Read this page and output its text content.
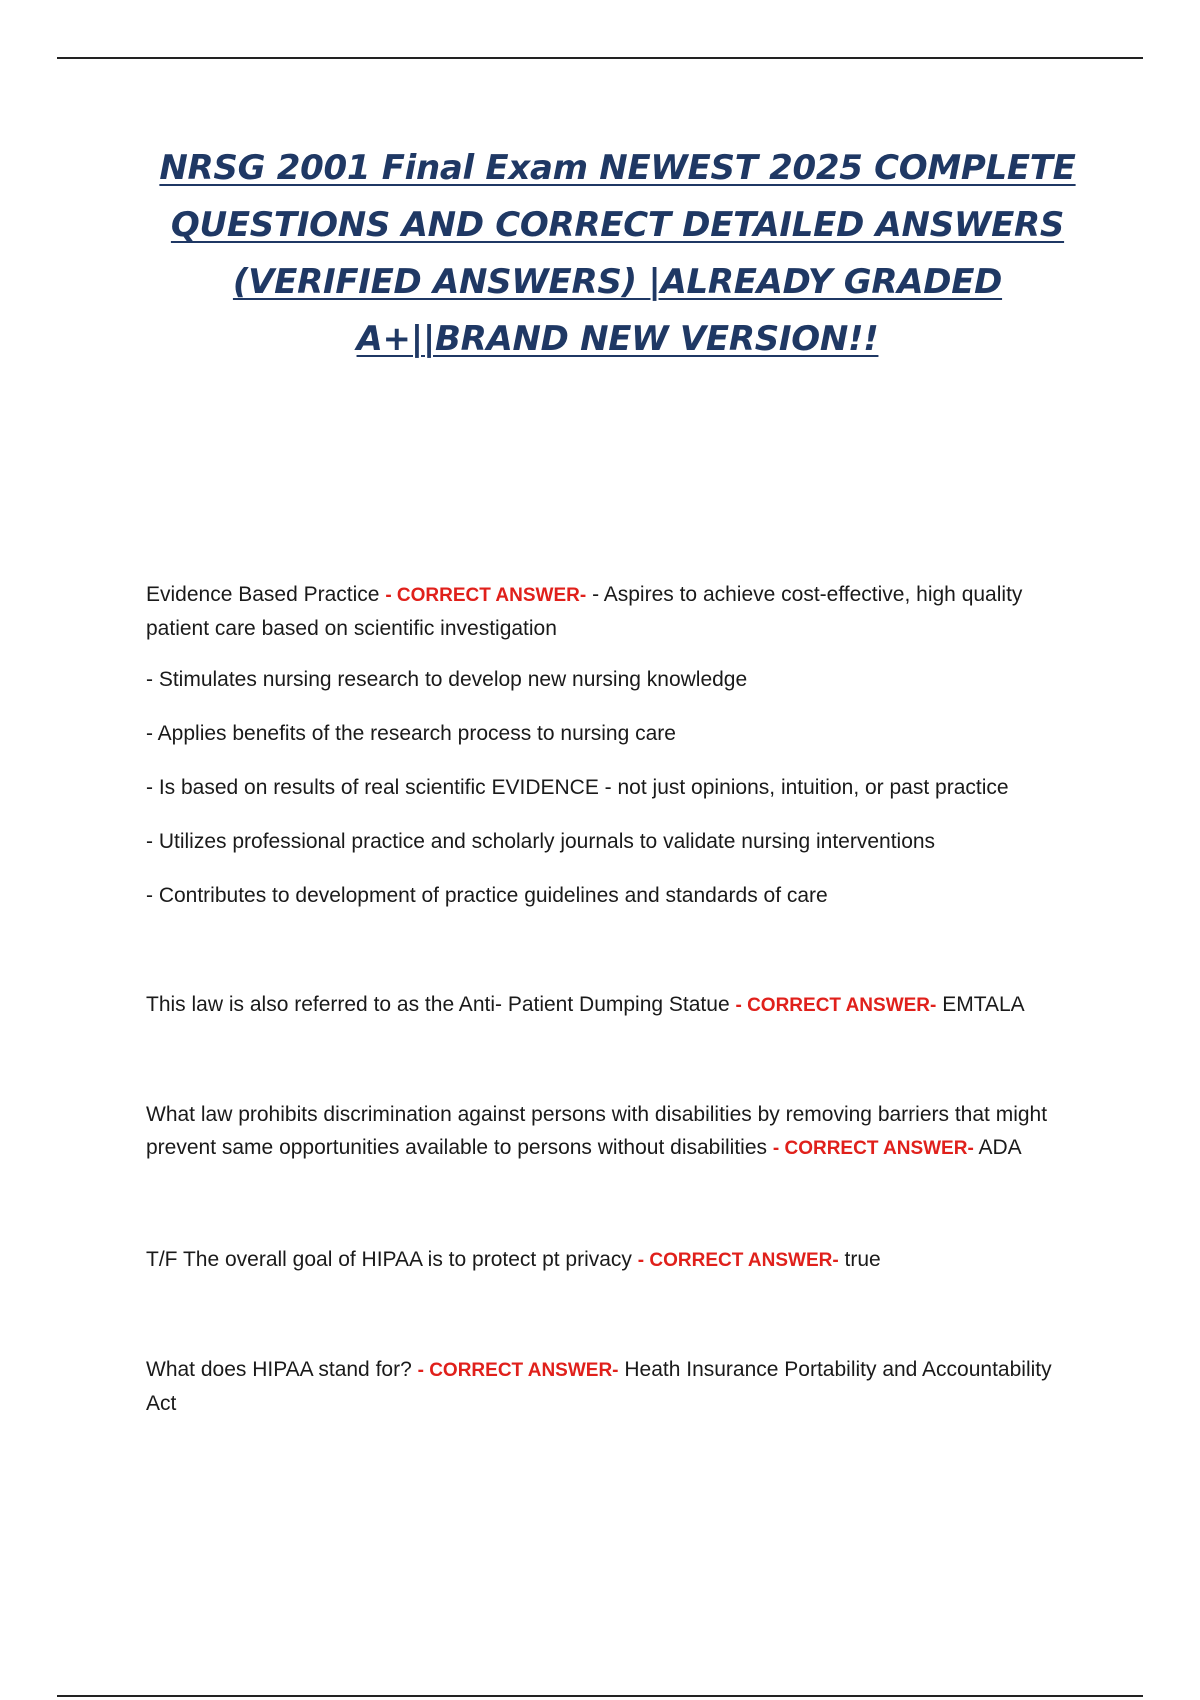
NRSG 2001 Final Exam NEWEST 2025 COMPLETE QUESTIONS AND CORRECT DETAILED ANSWERS (VERIFIED ANSWERS) |ALREADY GRADED A+||BRAND NEW VERSION!!

Evidence Based Practice - CORRECT ANSWER- - Aspires to achieve cost-effective, high quality patient care based on scientific investigation

- Stimulates nursing research to develop new nursing knowledge

- Applies benefits of the research process to nursing care

- Is based on results of real scientific EVIDENCE - not just opinions, intuition, or past practice

- Utilizes professional practice and scholarly journals to validate nursing interventions

- Contributes to development of practice guidelines and standards of care

This law is also referred to as the Anti- Patient Dumping Statue - CORRECT ANSWER- EMTALA

What law prohibits discrimination against persons with disabilities by removing barriers that might prevent same opportunities available to persons without disabilities - CORRECT ANSWER- ADA

T/F The overall goal of HIPAA is to protect pt privacy - CORRECT ANSWER- true

What does HIPAA stand for? - CORRECT ANSWER- Heath Insurance Portability and Accountability Act
